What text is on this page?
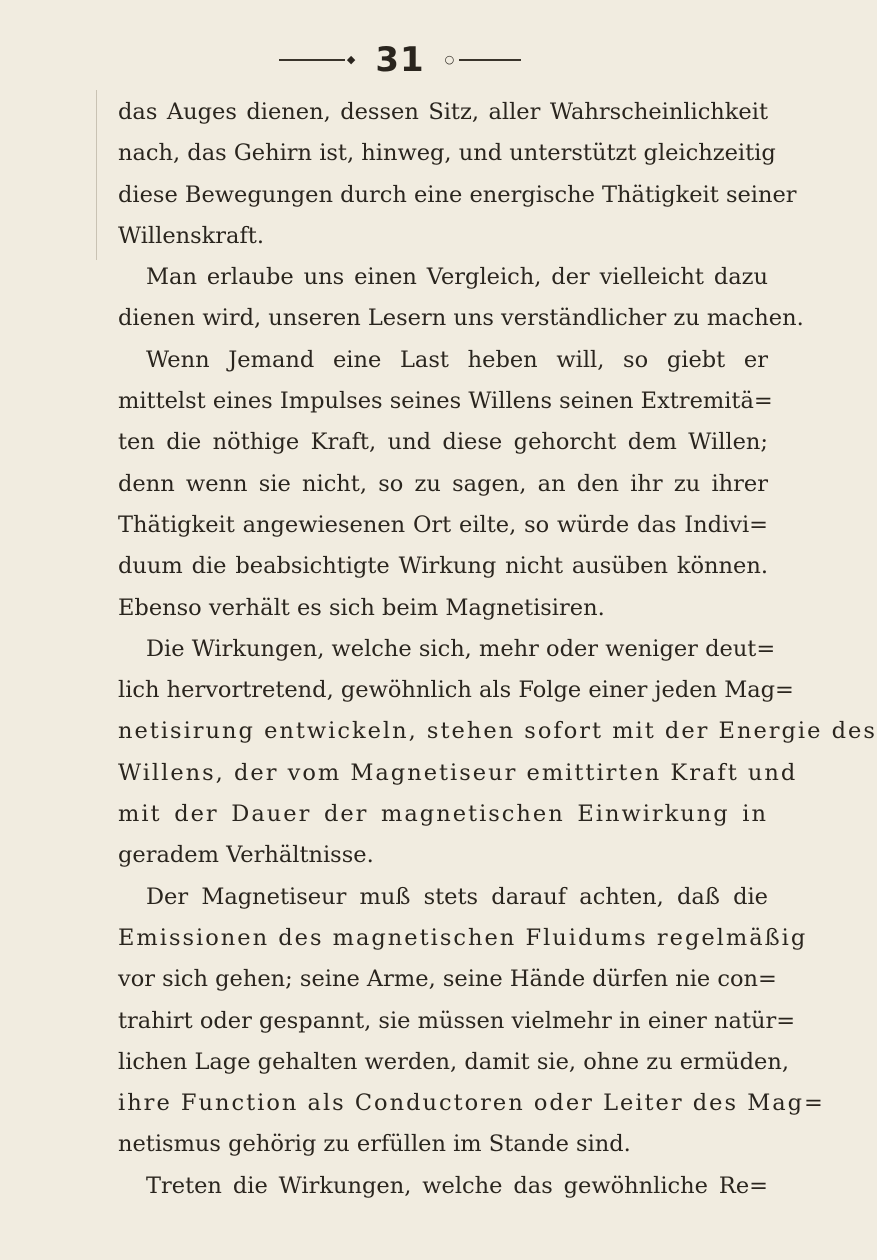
◆ 31 ○
das Auges dienen, dessen Sitz, aller Wahrscheinlichkeit
nach, das Gehirn ist, hinweg, und unterstützt gleichzeitig
diese Bewegungen durch eine energische Thätigkeit seiner
Willenskraft.
Man erlaube uns einen Vergleich, der vielleicht dazu
dienen wird, unseren Lesern uns verständlicher zu machen.
Wenn Jemand eine Last heben will, so giebt er
mittelst eines Impulses seines Willens seinen Extremitä=
ten die nöthige Kraft, und diese gehorcht dem Willen;
denn wenn sie nicht, so zu sagen, an den ihr zu ihrer
Thätigkeit angewiesenen Ort eilte, so würde das Indivi=
duum die beabsichtigte Wirkung nicht ausüben können.
Ebenso verhält es sich beim Magnetisiren.
Die Wirkungen, welche sich, mehr oder weniger deut=
lich hervortretend, gewöhnlich als Folge einer jeden Mag=
netisirung entwickeln, stehen sofort mit der Energie des
Willens, der vom Magnetiseur emittirten Kraft und
mit der Dauer der magnetischen Einwirkung in
geradem Verhältnisse.
Der Magnetiseur muß stets darauf achten, daß die
Emissionen des magnetischen Fluidums regelmäßig
vor sich gehen; seine Arme, seine Hände dürfen nie con=
trahirt oder gespannt, sie müssen vielmehr in einer natür=
lichen Lage gehalten werden, damit sie, ohne zu ermüden,
ihre Function als Conductoren oder Leiter des Mag=
netismus gehörig zu erfüllen im Stande sind.
Treten die Wirkungen, welche das gewöhnliche Re=
